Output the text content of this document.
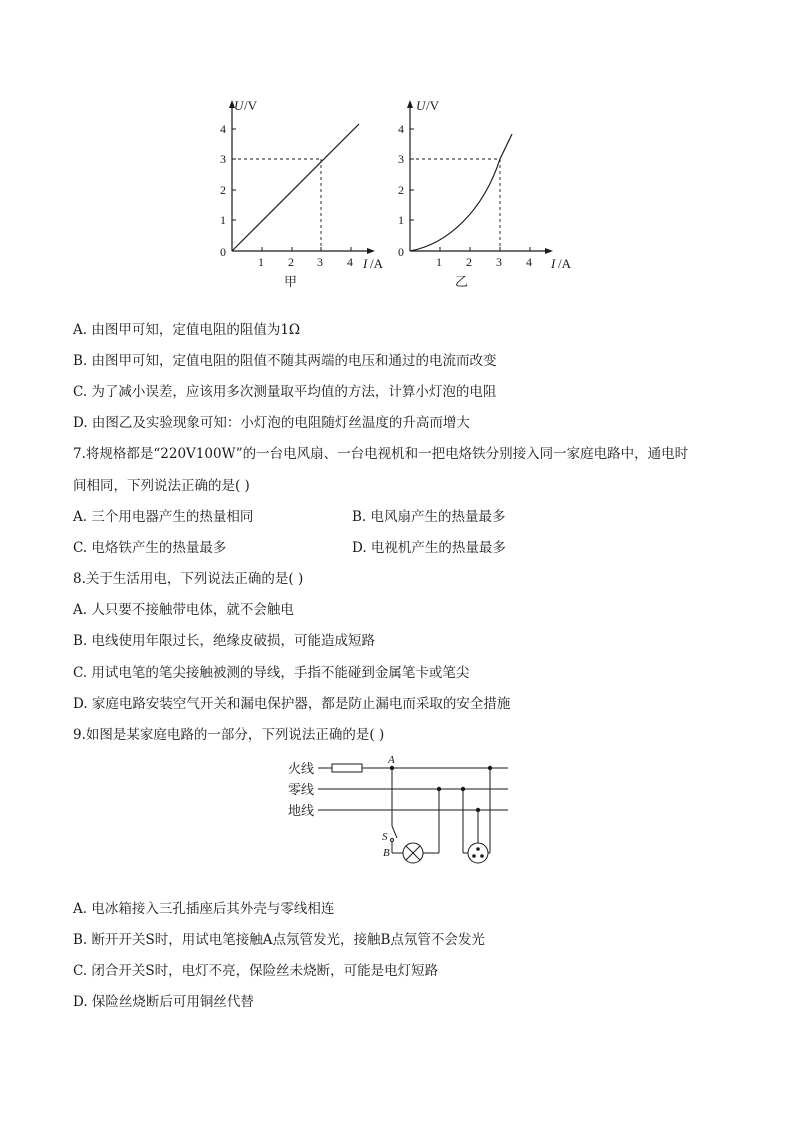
U /V
I /A
0
1
2
3
4
1 2 3 4
甲
U /V
I /A
0
1
2
3
4
1 2 3 4
乙
A. 由图甲可知，定值电阻的阻值为1Ω
B. 由图甲可知，定值电阻的阻值不随其两端的电压和通过的电流而改变
C. 为了减小误差，应该用多次测量取平均值的方法，计算小灯泡的电阻
D. 由图乙及实验现象可知：小灯泡的电阻随灯丝温度的升高而增大
7.将规格都是“220V100W”的一台电风扇、一台电视机和一把电烙铁分别接入同一家庭电路中，通电时
间相同，下列说法正确的是( )
A. 三个用电器产生的热量相同	B. 电风扇产生的热量最多
C. 电烙铁产生的热量最多	D. 电视机产生的热量最多
8.关于生活用电，下列说法正确的是( )
A. 人只要不接触带电体，就不会触电
B. 电线使用年限过长，绝缘皮破损，可能造成短路
C. 用试电笔的笔尖接触被测的导线，手指不能碰到金属笔卡或笔尖
D. 家庭电路安装空气开关和漏电保护器，都是防止漏电而采取的安全措施
9.如图是某家庭电路的一部分，下列说法正确的是( )
火线
零线
地线
A
S
B
A. 电冰箱接入三孔插座后其外壳与零线相连
B. 断开开关S时，用试电笔接触A点氖管发光，接触B点氖管不会发光
C. 闭合开关S时，电灯不亮，保险丝未烧断，可能是电灯短路
D. 保险丝烧断后可用铜丝代替
